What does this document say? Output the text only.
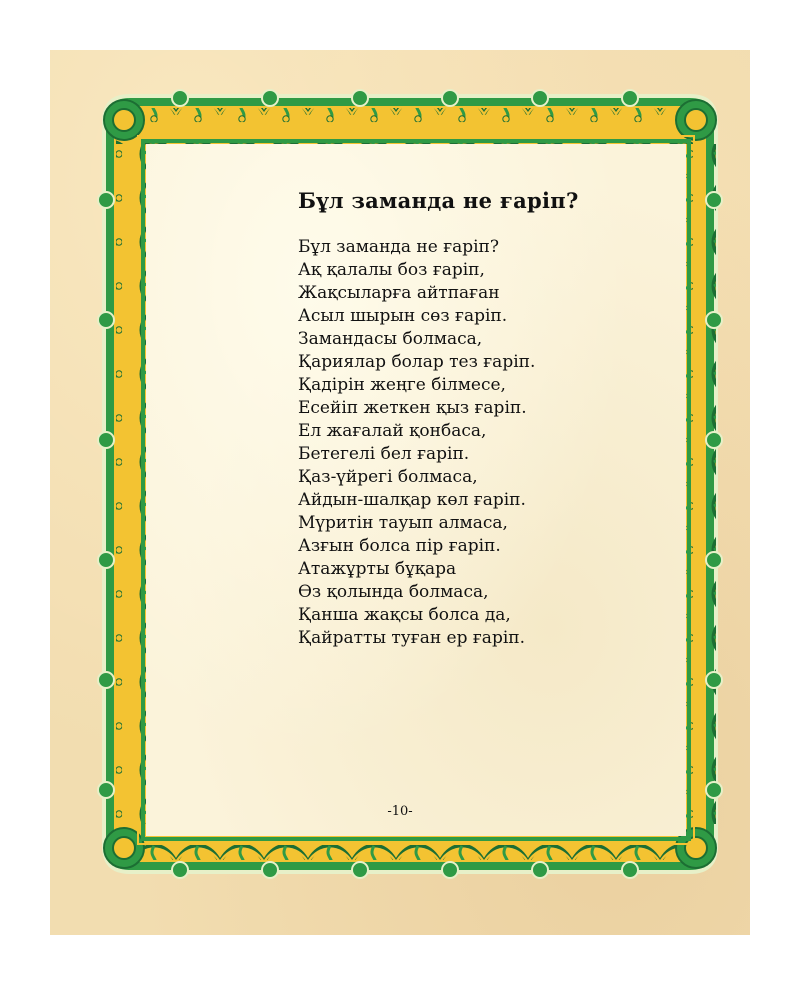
Бұл заманда не ғаріп?
Бұл заманда не ғаріп?
Ақ қалалы боз ғаріп,
Жақсыларға айтпаған
Асыл шырын сөз ғаріп.
Замандасы болмаса,
Қариялар болар тез ғаріп.
Қадірін жеңге білмесе,
Есейіп жеткен қыз ғаріп.
Ел жағалай қонбаса,
Бетегелі бел ғаріп.
Қаз-үйрегі болмаса,
Айдын-шалқар көл ғаріп.
Мүритін тауып алмаса,
Азғын болса пір ғаріп.
Атажұрты бұқара
Өз қолында болмаса,
Қанша жақсы болса да,
Қайратты туған ер ғаріп.
-10-
